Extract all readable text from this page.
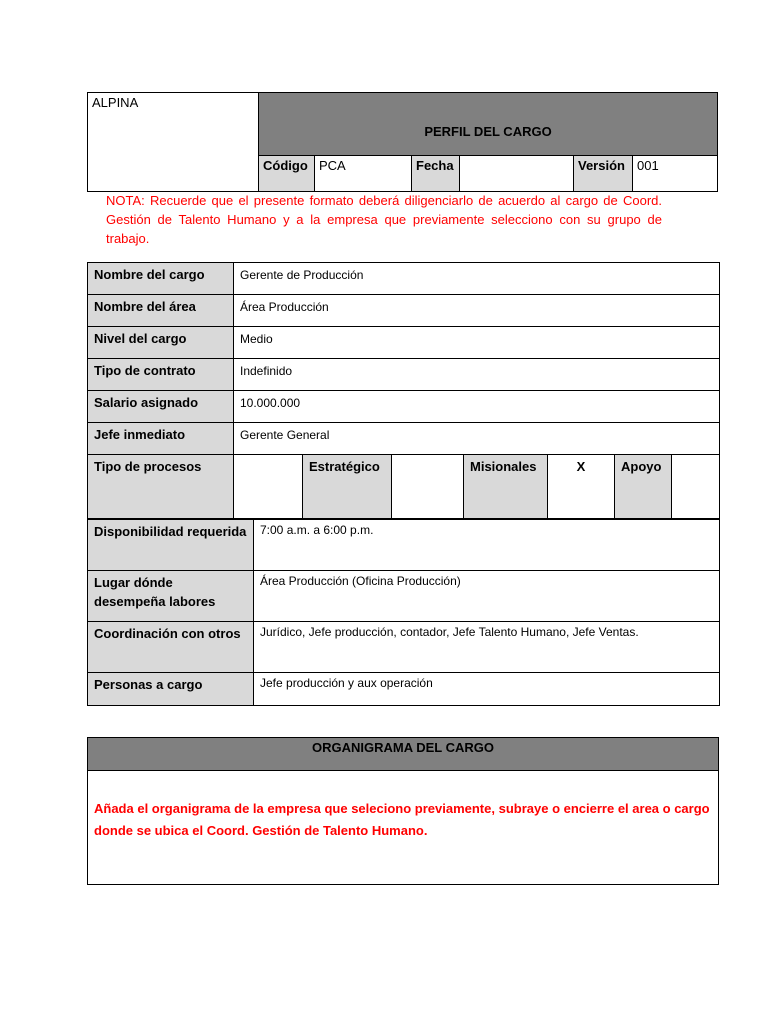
ALPINA	PERFIL DEL CARGO					
	Código	PCA	Fecha		Versión	001
NOTA: Recuerde que el presente formato deberá diligenciarlo de acuerdo al cargo de Coord. Gestión de Talento Humano y a la empresa que previamente selecciono con su grupo de trabajo.
Nombre del cargo	Gerente de Producción						
Nombre del área	Área Producción						
Nivel del cargo	Medio						
Tipo de contrato	Indefinido						
Salario asignado	10.000.000						
Jefe inmediato	Gerente General						
Tipo de procesos		Estratégico		Misionales	X	Apoyo	
Disponibilidad requerida	7:00 a.m. a 6:00 p.m.
Lugar dónde desempeña labores	Área Producción (Oficina Producción)
Coordinación con otros	Jurídico, Jefe producción, contador, Jefe Talento Humano, Jefe Ventas.
Personas a cargo	Jefe producción y aux operación
ORGANIGRAMA DEL CARGO

Añada el organigrama de la empresa que seleciono previamente, subraye o encierre el area o cargo donde se ubica el Coord. Gestión de Talento Humano.
